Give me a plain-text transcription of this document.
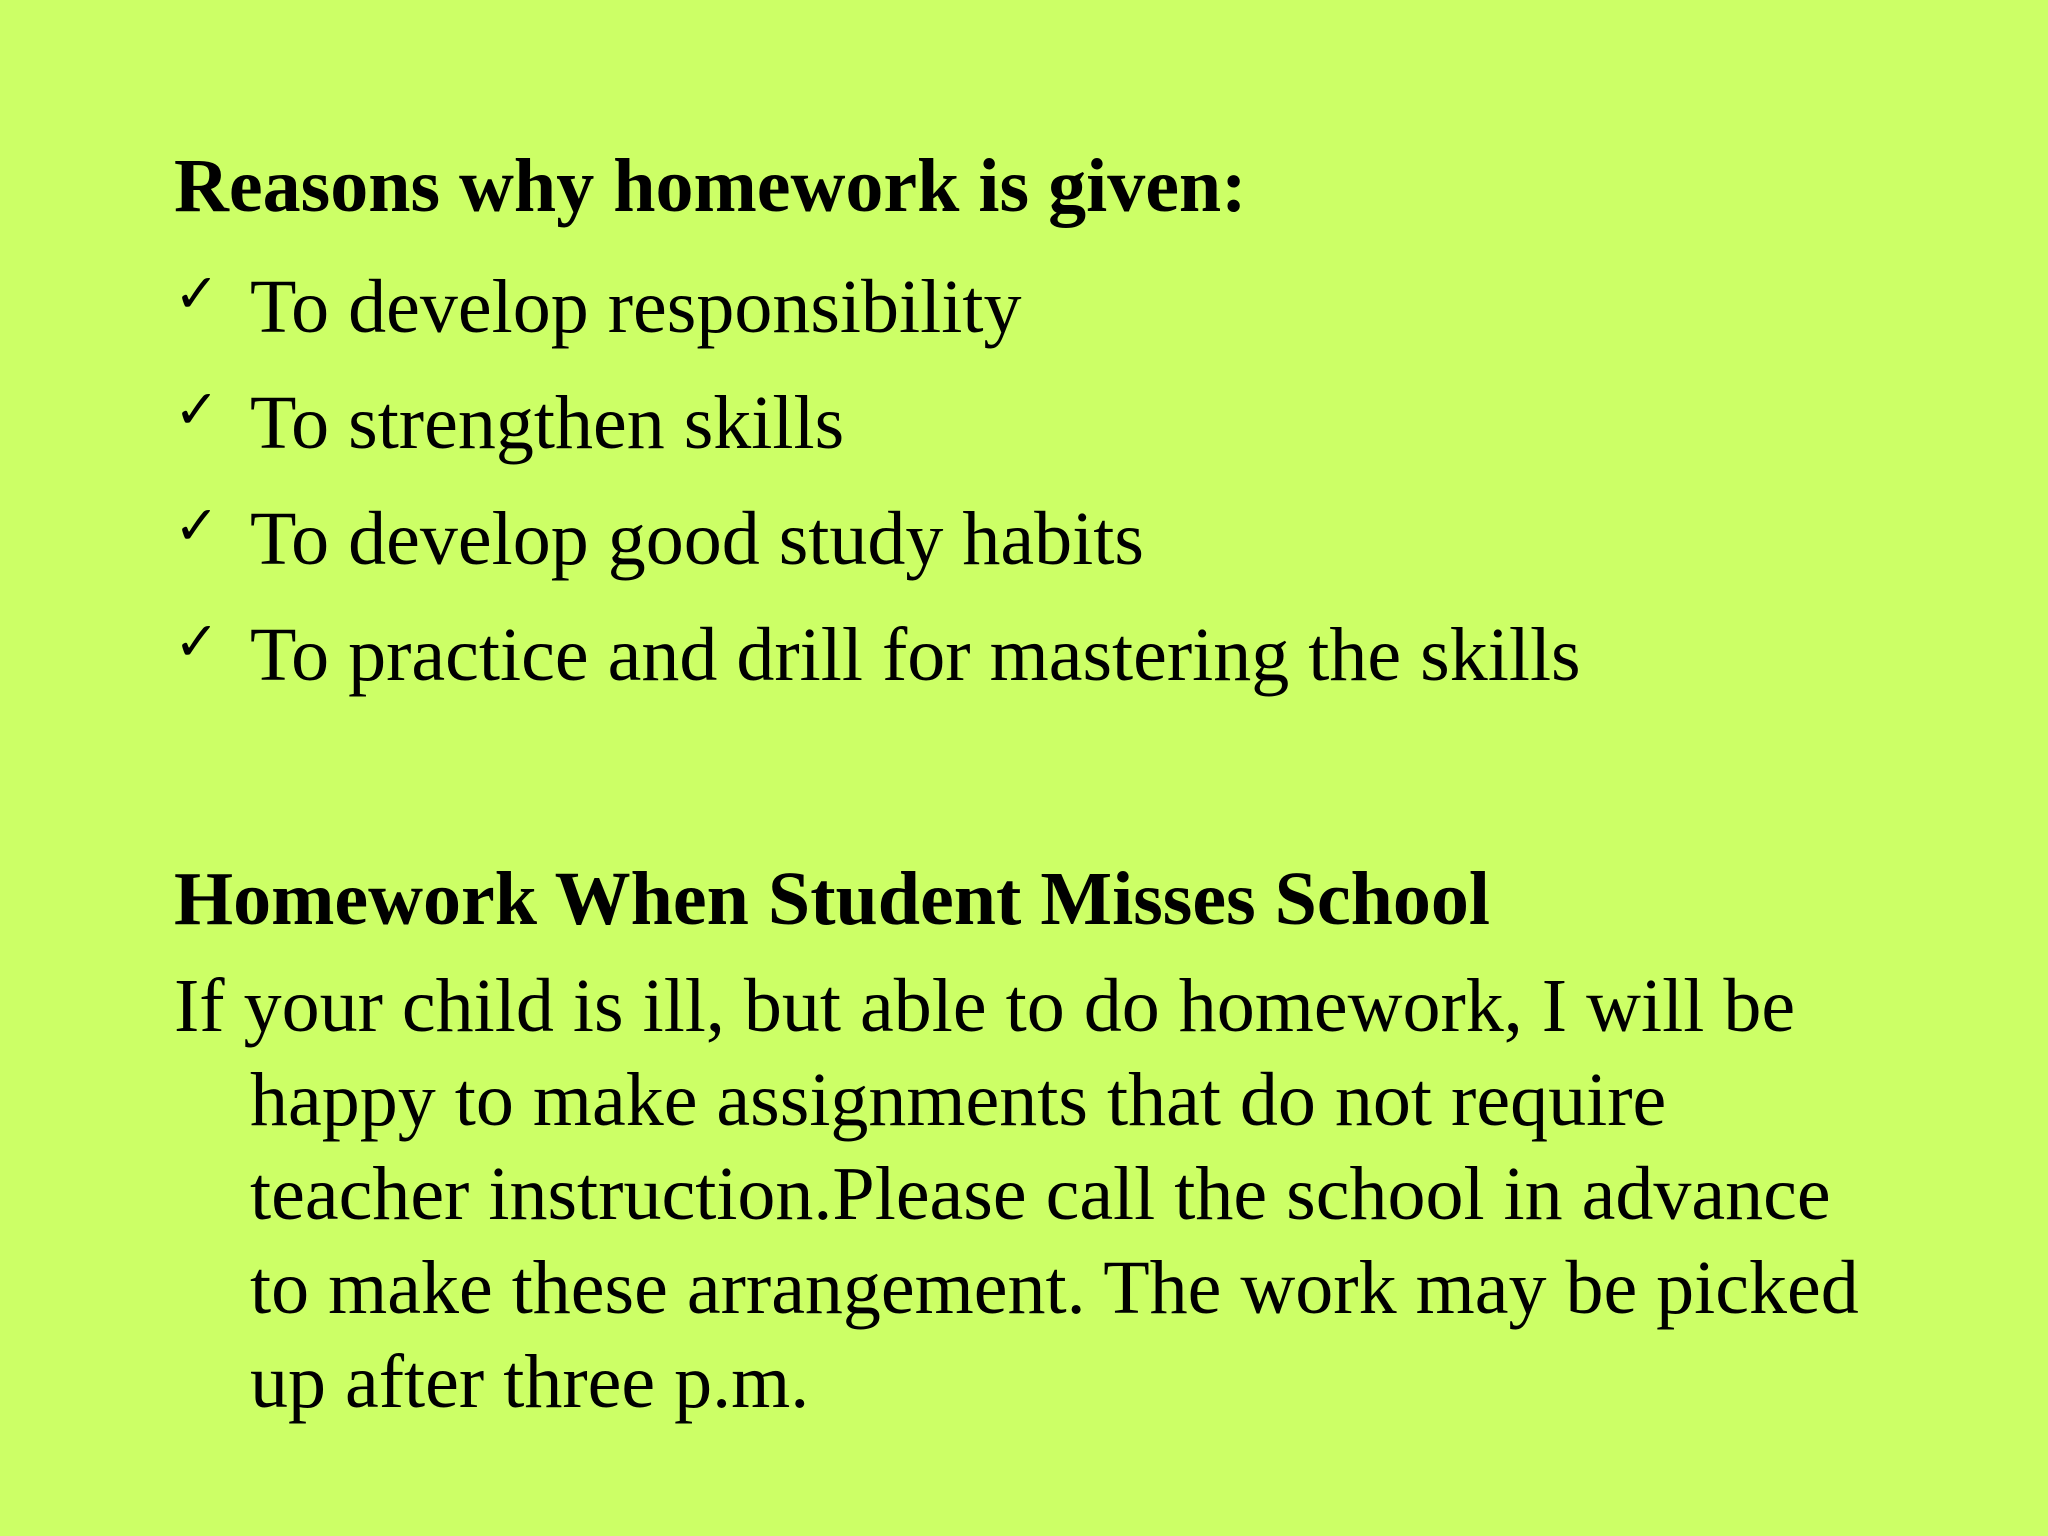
Reasons why homework is given:
✓ To develop responsibility
✓ To strengthen skills
✓ To develop good study habits
✓ To practice and drill for mastering the skills
Homework When Student Misses School

If your child is ill, but able to do homework, I will be happy to make assignments that do not require teacher instruction.Please call the school in advance to make these arrangement. The work may be picked up after three p.m.
